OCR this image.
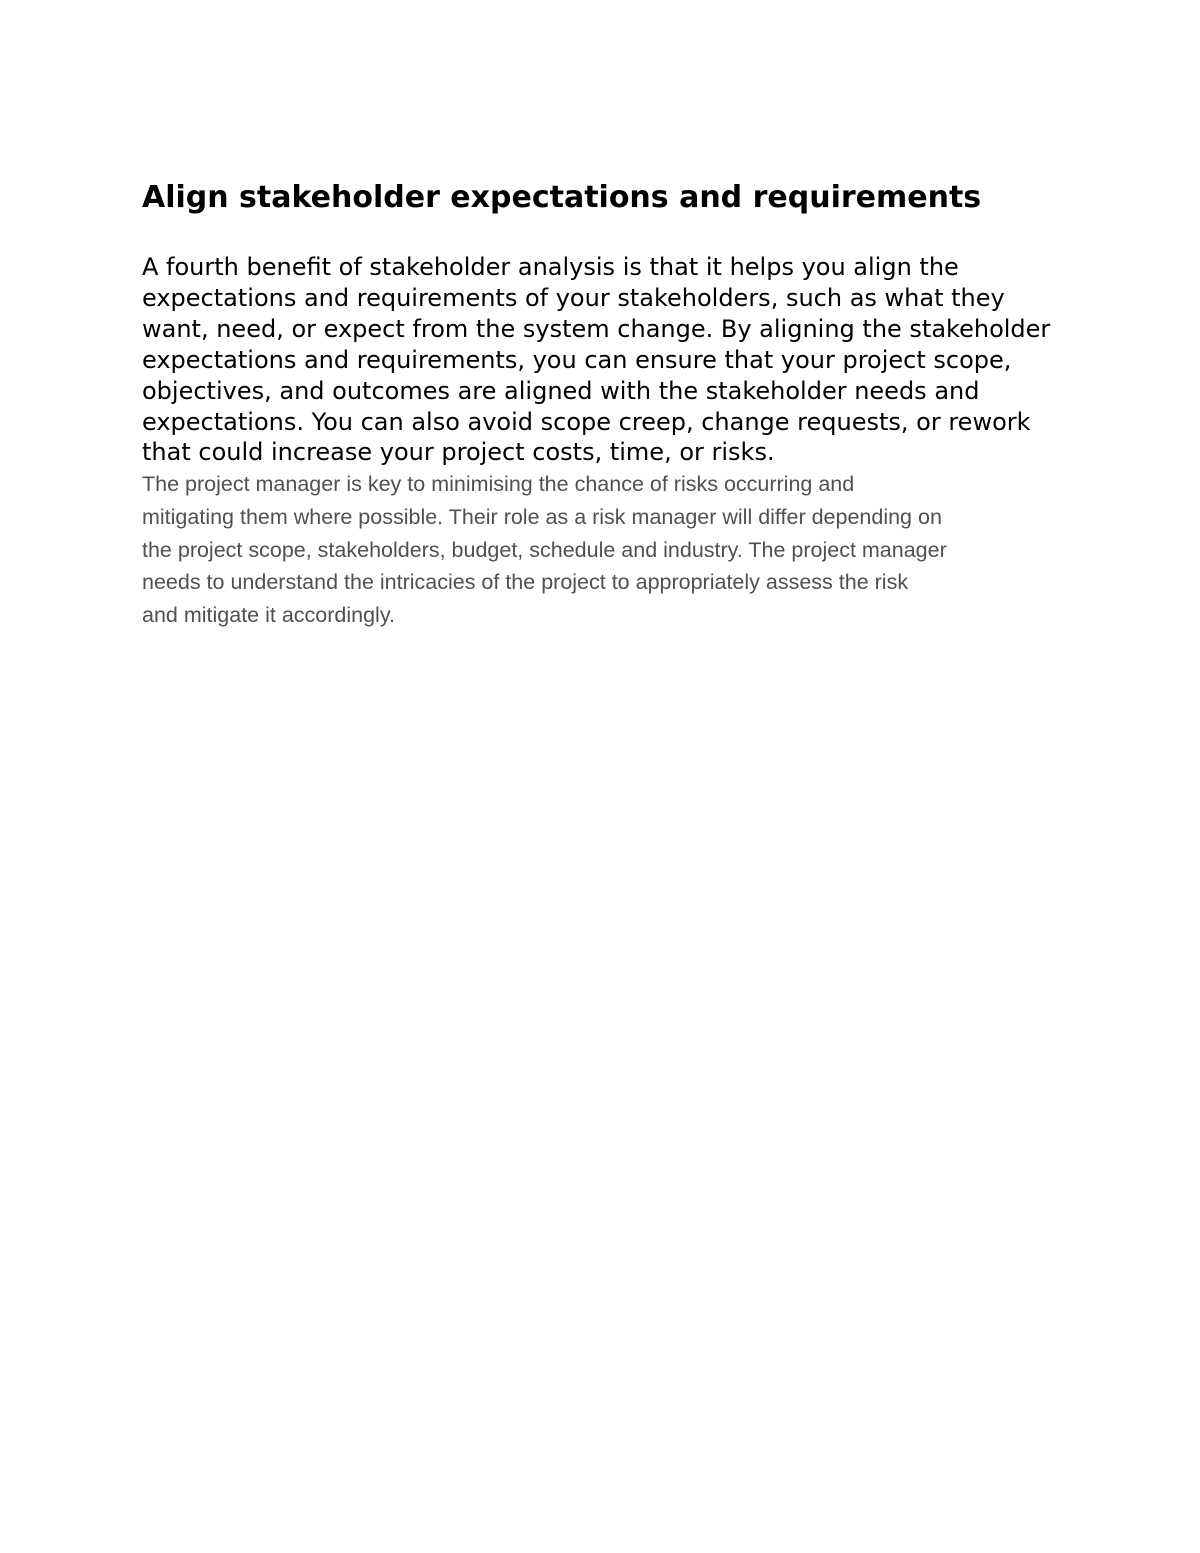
Align stakeholder expectations and requirements

A fourth benefit of stakeholder analysis is that it helps you align the expectations and requirements of your stakeholders, such as what they want, need, or expect from the system change. By aligning the stakeholder expectations and requirements, you can ensure that your project scope, objectives, and outcomes are aligned with the stakeholder needs and expectations. You can also avoid scope creep, change requests, or rework that could increase your project costs, time, or risks.

The project manager is key to minimising the chance of risks occurring and
mitigating them where possible. Their role as a risk manager will differ depending on
the project scope, stakeholders, budget, schedule and industry. The project manager
needs to understand the intricacies of the project to appropriately assess the risk
and mitigate it accordingly.
